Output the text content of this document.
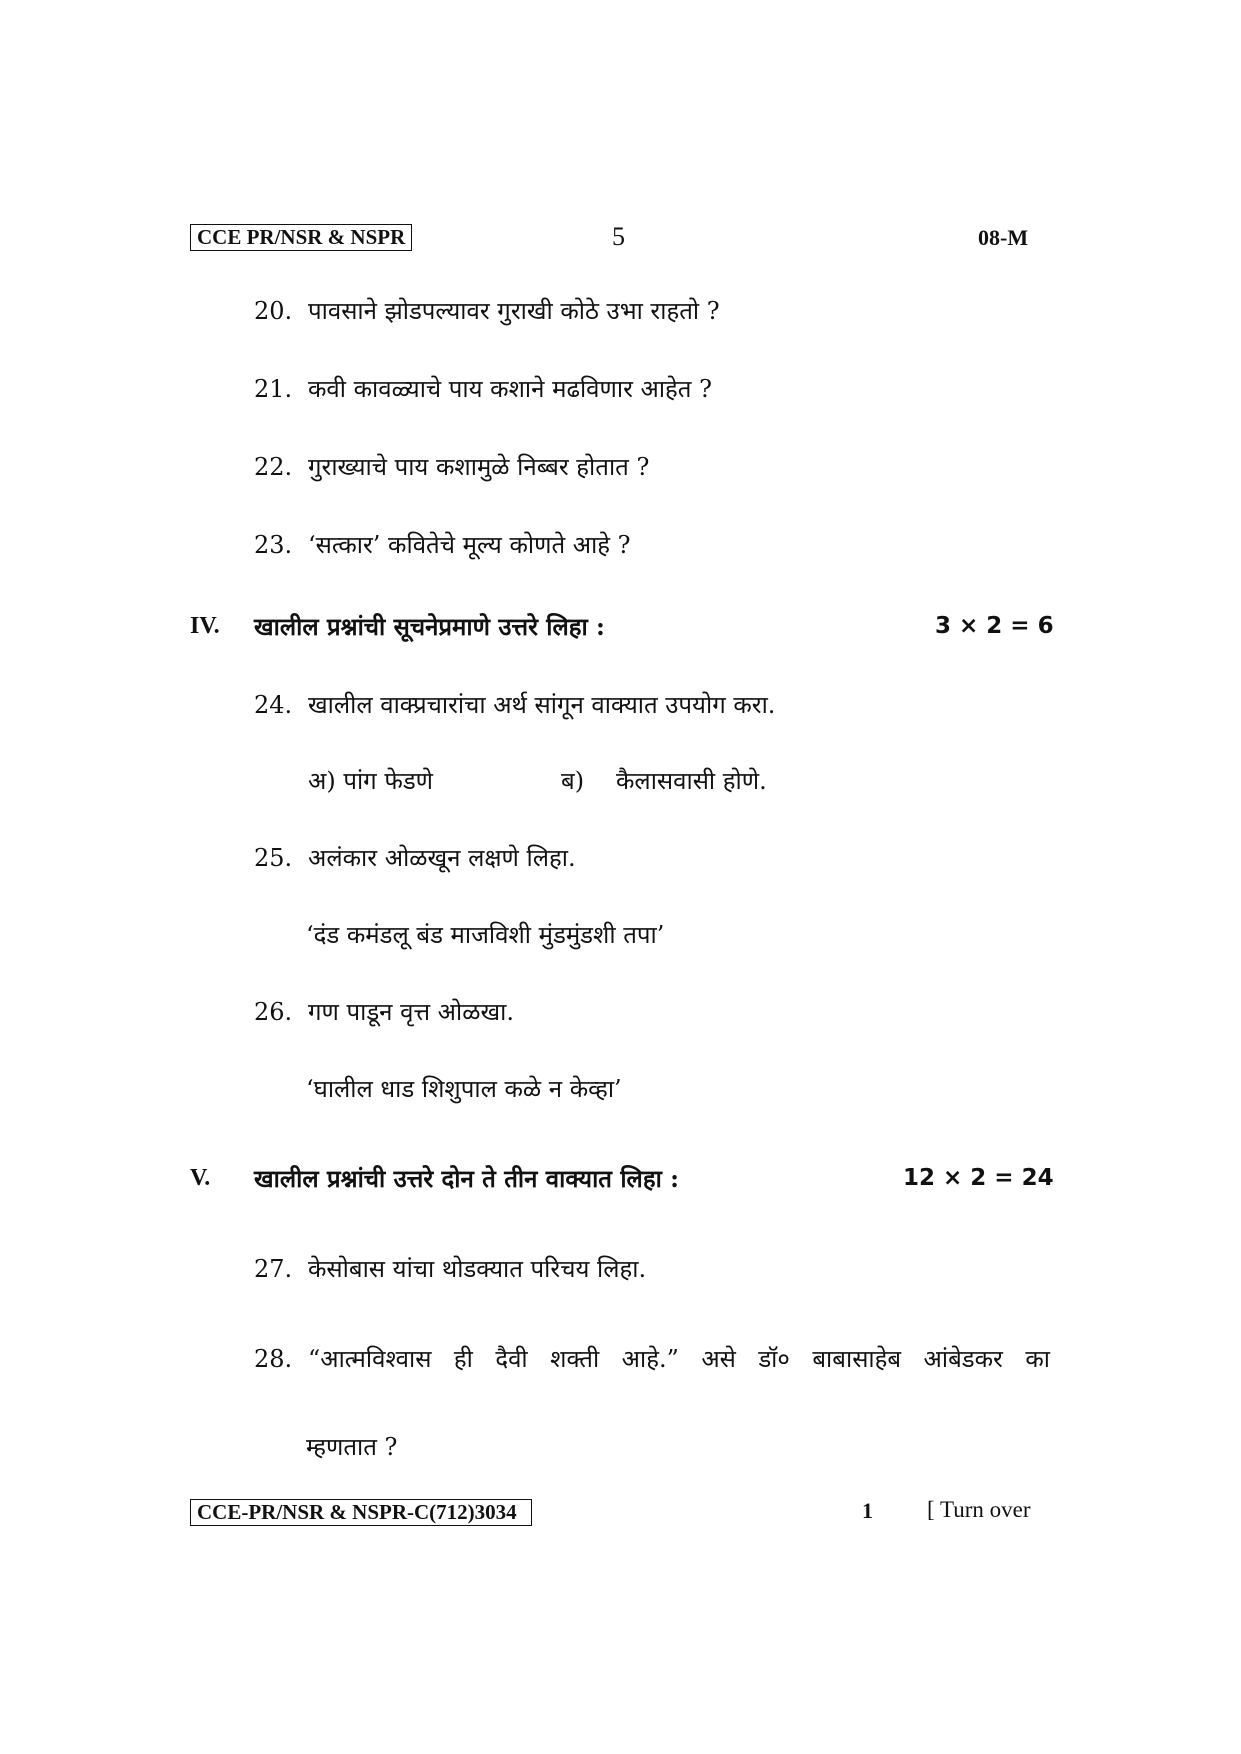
CCE PR/NSR & NSPR	5	08-M
20. पावसाने झोडपल्यावर गुराखी कोठे उभा राहतो ?
21. कवी कावळ्याचे पाय कशाने मढविणार आहेत ?
22. गुराख्याचे पाय कशामुळे निब्बर होतात ?
23. ‘सत्कार’ कवितेचे मूल्य कोणते आहे ?
IV. खालील प्रश्नांची सूचनेप्रमाणे उत्तरे लिहा :	3 × 2 = 6
24. खालील वाक्प्रचारांचा अर्थ सांगून वाक्यात उपयोग करा.
अ) पांग फेडणे	ब) कैलासवासी होणे.
25. अलंकार ओळखून लक्षणे लिहा.
‘दंड कमंडलू बंड माजविशी मुंडमुंडशी तपा’
26. गण पाडून वृत्त ओळखा.
‘घालील धाड शिशुपाल कळे न केव्हा’
V. खालील प्रश्नांची उत्तरे दोन ते तीन वाक्यात लिहा :	12 × 2 = 24
27. केसोबास यांचा थोडक्यात परिचय लिहा.
28. “आत्मविश्वास ही दैवी शक्ती आहे.” असे डॉ० बाबासाहेब आंबेडकर का
म्हणतात ?
CCE-PR/NSR & NSPR-C(712)3034	1 [ Turn over
